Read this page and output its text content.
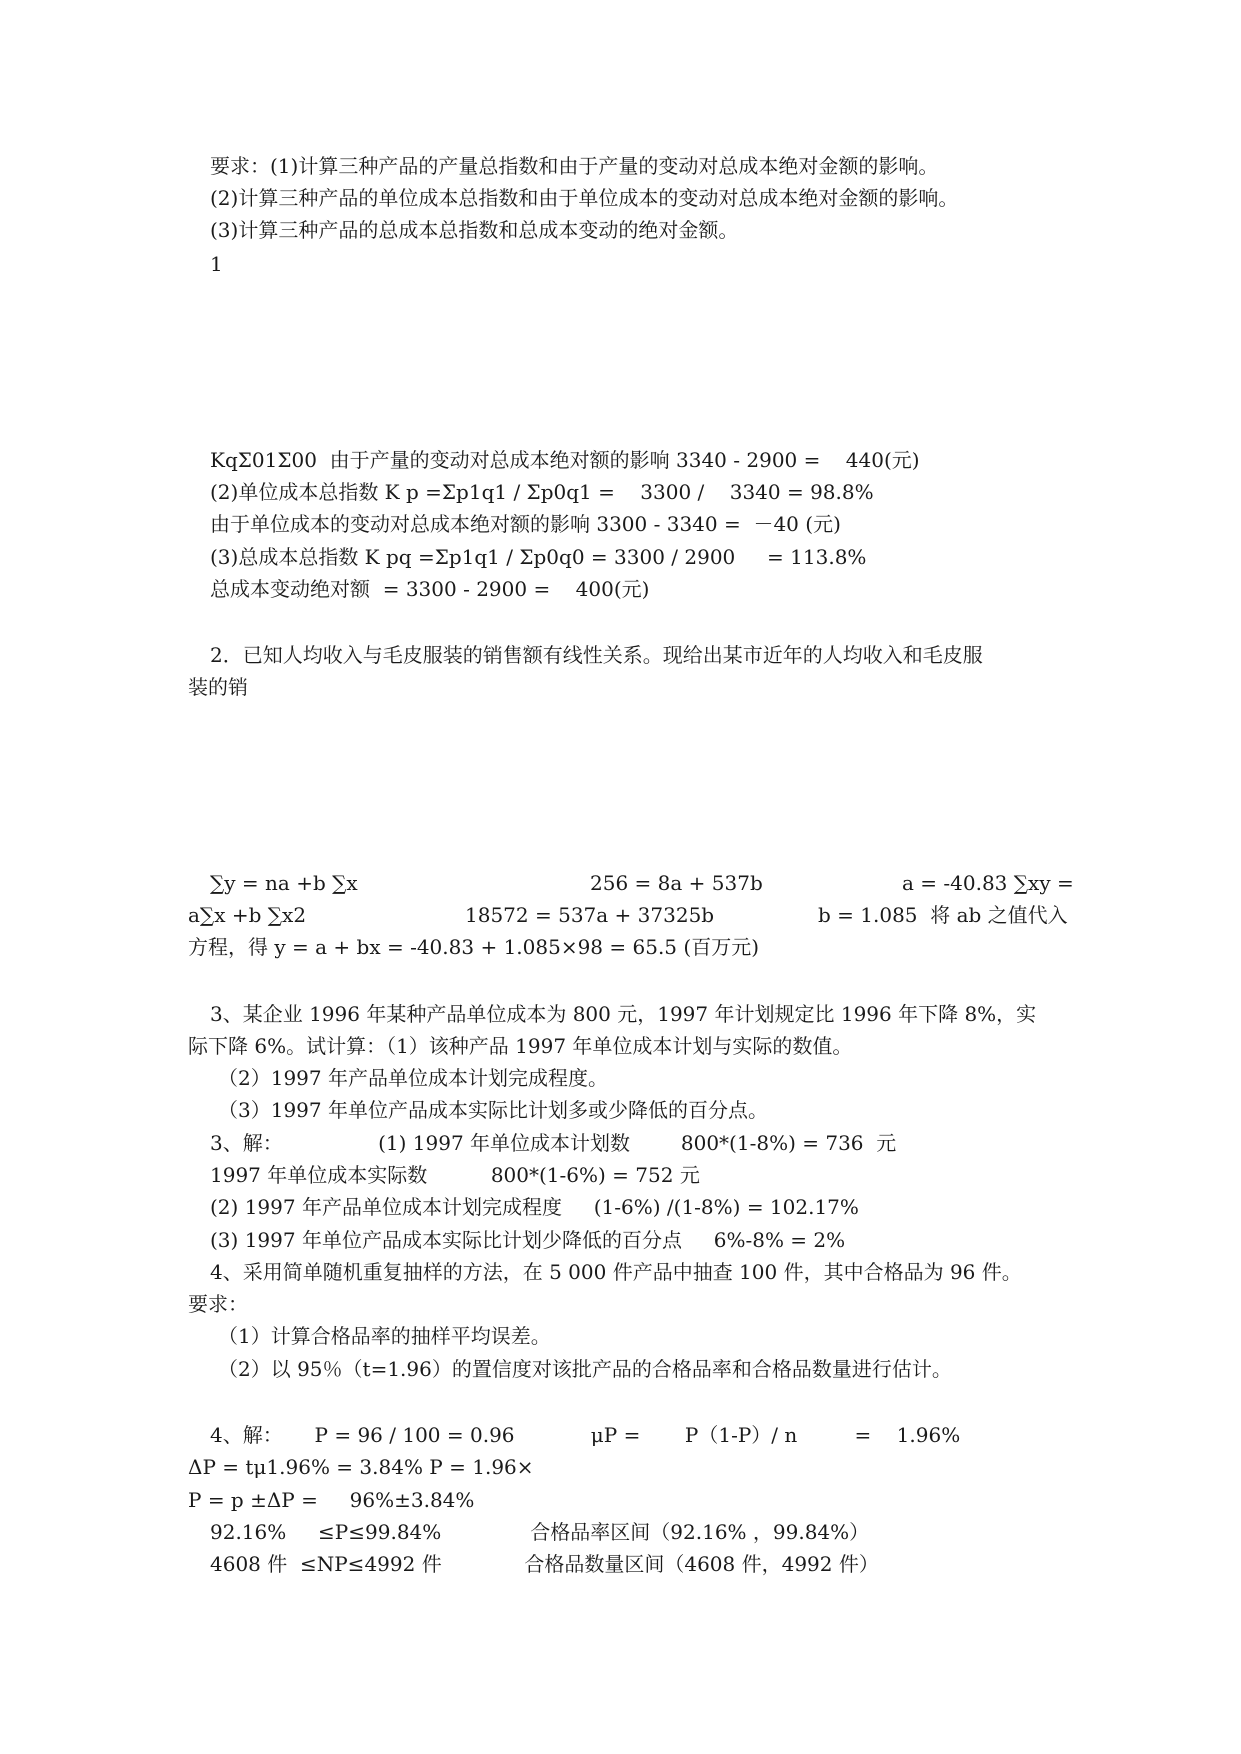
要求：(1)计算三种产品的产量总指数和由于产量的变动对总成本绝对金额的影响。

(2)计算三种产品的单位成本总指数和由于单位成本的变动对总成本绝对金额的影响。

(3)计算三种产品的总成本总指数和总成本变动的绝对金额。

1

KqΣ01Σ00  由于产量的变动对总成本绝对额的影响 3340 - 2900 =    440(元)

(2)单位成本总指数 K p =Σp1q1 / Σp0q1 =    3300 /    3340 = 98.8%

由于单位成本的变动对总成本绝对额的影响 3300 - 3340 =  －40 (元)

(3)总成本总指数 K pq =Σp1q1 / Σp0q0 = 3300 / 2900     = 113.8%

总成本变动绝对额  = 3300 - 2900 =    400(元)

2．已知人均收入与毛皮服装的销售额有线性关系。现给出某市近年的人均收入和毛皮服

装的销

∑y = na +b ∑x	256 = 8a + 537b	a = -40.83 ∑xy =

a∑x +b ∑x2	18572 = 537a + 37325b	b = 1.085  将 ab 之值代入

方程，得 y = a + bx = -40.83 + 1.085×98 = 65.5 (百万元)

3、某企业 1996 年某种产品单位成本为 800 元，1997 年计划规定比 1996 年下降 8%，实

际下降 6%。试计算：（1）该种产品 1997 年单位成本计划与实际的数值。

（2）1997 年产品单位成本计划完成程度。

（3）1997 年单位产品成本实际比计划多或少降低的百分点。

3、解：               (1) 1997 年单位成本计划数        800*(1-8%) = 736  元

1997 年单位成本实际数          800*(1-6%) = 752 元

(2) 1997 年产品单位成本计划完成程度     (1-6%) /(1-8%) = 102.17%

(3) 1997 年单位产品成本实际比计划少降低的百分点     6%-8% = 2%

4、采用简单随机重复抽样的方法，在 5 000 件产品中抽查 100 件，其中合格品为 96 件。

要求：

（1）计算合格品率的抽样平均误差。

（2）以 95％（t=1.96）的置信度对该批产品的合格品率和合格品数量进行估计。

4、解：     P = 96 / 100 = 0.96            μP =       P（1-P）/ n         =    1.96%

ΔP = tμ1.96% = 3.84% P = 1.96×

P = p ±ΔP =     96%±3.84%

92.16%     ≤P≤99.84%              合格品率区间（92.16% ，99.84%）

4608 件  ≤NP≤4992 件             合格品数量区间（4608 件，4992 件）
